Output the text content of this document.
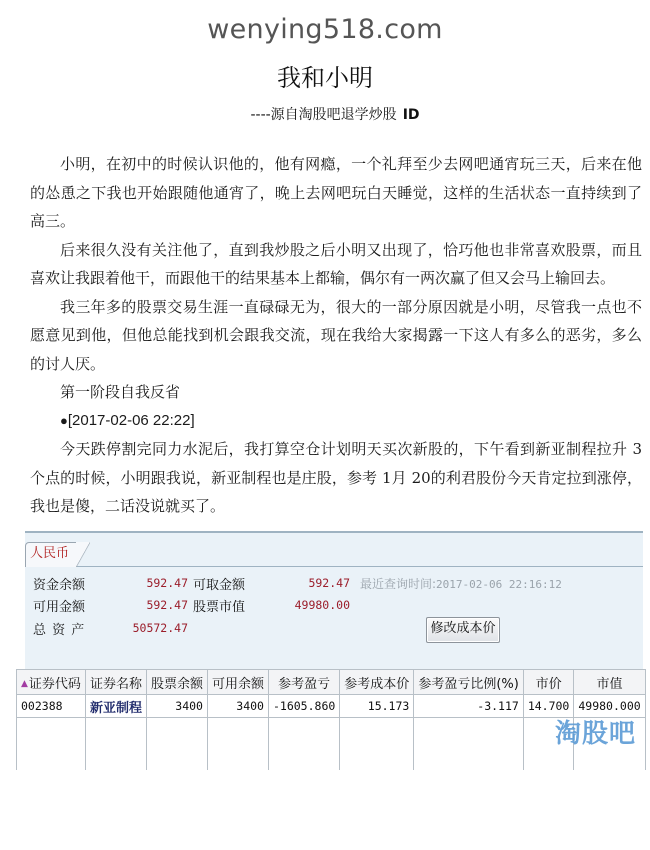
wenying518.com
我和小明
----源自淘股吧退学炒股 ID

小明，在初中的时候认识他的，他有网瘾，一个礼拜至少去网吧通宵玩三天，后来在他的怂恿之下我也开始跟随他通宵了，晚上去网吧玩白天睡觉，这样的生活状态一直持续到了高三。

后来很久没有关注他了，直到我炒股之后小明又出现了，恰巧他也非常喜欢股票，而且喜欢让我跟着他干，而跟他干的结果基本上都输，偶尔有一两次赢了但又会马上输回去。

我三年多的股票交易生涯一直碌碌无为，很大的一部分原因就是小明，尽管我一点也不愿意见到他，但他总能找到机会跟我交流，现在我给大家揭露一下这人有多么的恶劣，多么的讨人厌。

第一阶段自我反省

●[2017-02-06 22:22]

今天跌停割完同力水泥后，我打算空仓计划明天买次新股的，下午看到新亚制程拉升 3个点的时候，小明跟我说，新亚制程也是庄股，参考 1月 20的利君股份今天肯定拉到涨停，我也是傻，二话没说就买了。

人民币
资金余额	592.47 可取金额	592.47 最近查询时间:2017-02-06 22:16:12
可用金额	592.47 股票市值	49980.00
总 资 产	50572.47	修改成本价
▲证券代码	证券名称	股票余额	可用余额	参考盈亏	参考成本价	参考盈亏比例(%)	市价	市值
002388	新亚制程	3400	3400	-1605.860	15.173	-3.117	14.700	49980.000

淘股吧
